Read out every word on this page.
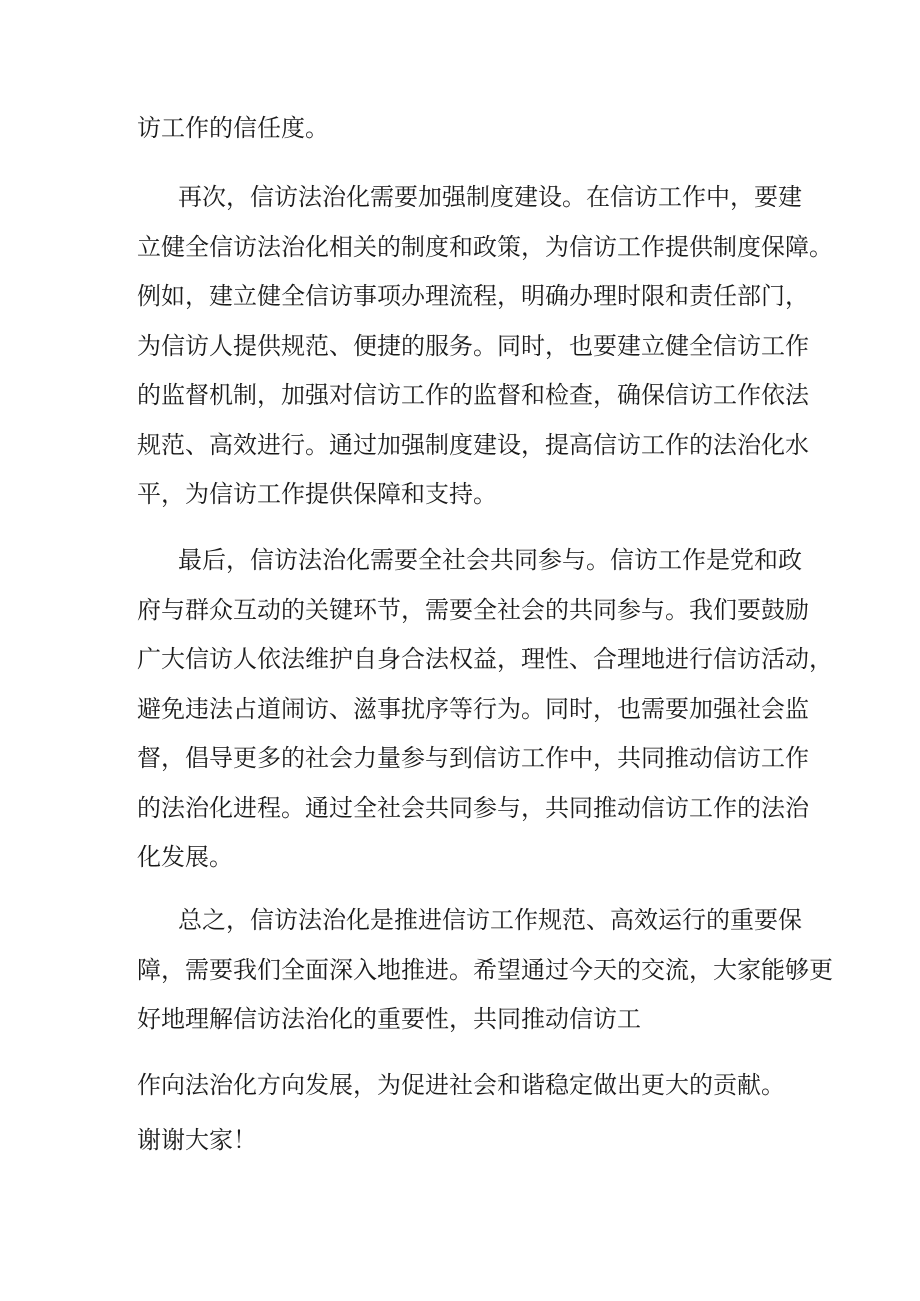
访工作的信任度。
再次，信访法治化需要加强制度建设。在信访工作中，要建
立健全信访法治化相关的制度和政策，为信访工作提供制度保障。
例如，建立健全信访事项办理流程，明确办理时限和责任部门，
为信访人提供规范、便捷的服务。同时，也要建立健全信访工作
的监督机制，加强对信访工作的监督和检查，确保信访工作依法
规范、高效进行。通过加强制度建设，提高信访工作的法治化水
平，为信访工作提供保障和支持。
最后，信访法治化需要全社会共同参与。信访工作是党和政
府与群众互动的关键环节，需要全社会的共同参与。我们要鼓励
广大信访人依法维护自身合法权益，理性、合理地进行信访活动，
避免违法占道闹访、滋事扰序等行为。同时，也需要加强社会监
督，倡导更多的社会力量参与到信访工作中，共同推动信访工作
的法治化进程。通过全社会共同参与，共同推动信访工作的法治
化发展。
总之，信访法治化是推进信访工作规范、高效运行的重要保
障，需要我们全面深入地推进。希望通过今天的交流，大家能够更
好地理解信访法治化的重要性，共同推动信访工
作向法治化方向发展，为促进社会和谐稳定做出更大的贡献。
谢谢大家！
